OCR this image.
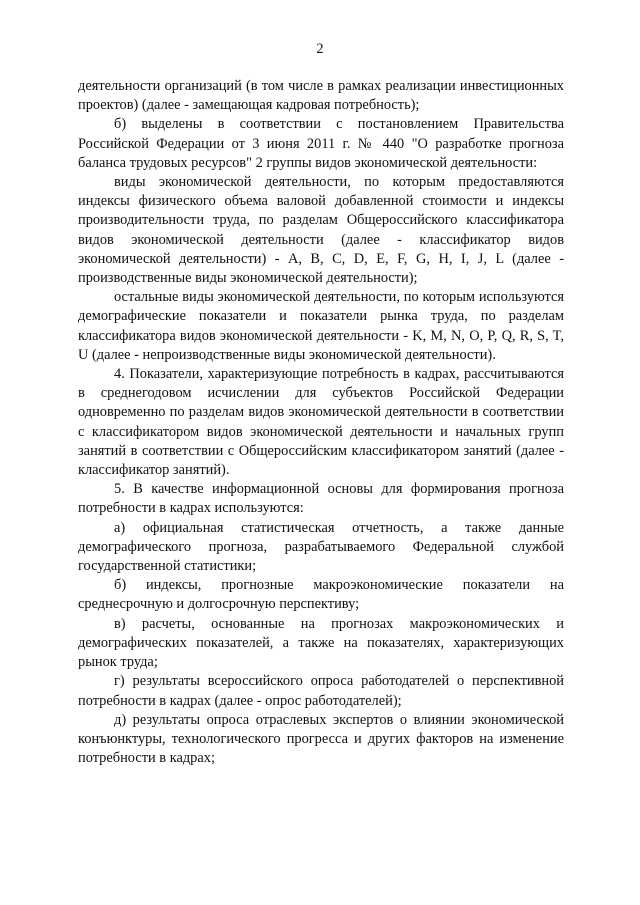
2

деятельности организаций (в том числе в рамках реализации инвестиционных проектов) (далее - замещающая кадровая потребность);

б) выделены в соответствии с постановлением Правительства Российской Федерации от 3 июня 2011 г. № 440 "О разработке прогноза баланса трудовых ресурсов" 2 группы видов экономической деятельности:

виды экономической деятельности, по которым предоставляются индексы физического объема валовой добавленной стоимости и индексы производительности труда, по разделам Общероссийского классификатора видов экономической деятельности (далее - классификатор видов экономической деятельности) - A, B, C, D, E, F, G, H, I, J, L (далее - производственные виды экономической деятельности);

остальные виды экономической деятельности, по которым используются демографические показатели и показатели рынка труда, по разделам классификатора видов экономической деятельности - K, M, N, O, P, Q, R, S, T, U (далее - непроизводственные виды экономической деятельности).

4. Показатели, характеризующие потребность в кадрах, рассчитываются в среднегодовом исчислении для субъектов Российской Федерации одновременно по разделам видов экономической деятельности в соответствии с классификатором видов экономической деятельности и начальных групп занятий в соответствии с Общероссийским классификатором занятий (далее - классификатор занятий).

5. В качестве информационной основы для формирования прогноза потребности в кадрах используются:

а) официальная статистическая отчетность, а также данные демографического прогноза, разрабатываемого Федеральной службой государственной статистики;

б) индексы, прогнозные макроэкономические показатели на среднесрочную и долгосрочную перспективу;

в) расчеты, основанные на прогнозах макроэкономических и демографических показателей, а также на показателях, характеризующих рынок труда;

г) результаты всероссийского опроса работодателей о перспективной потребности в кадрах (далее - опрос работодателей);

д) результаты опроса отраслевых экспертов о влиянии экономической конъюнктуры, технологического прогресса и других факторов на изменение потребности в кадрах;
